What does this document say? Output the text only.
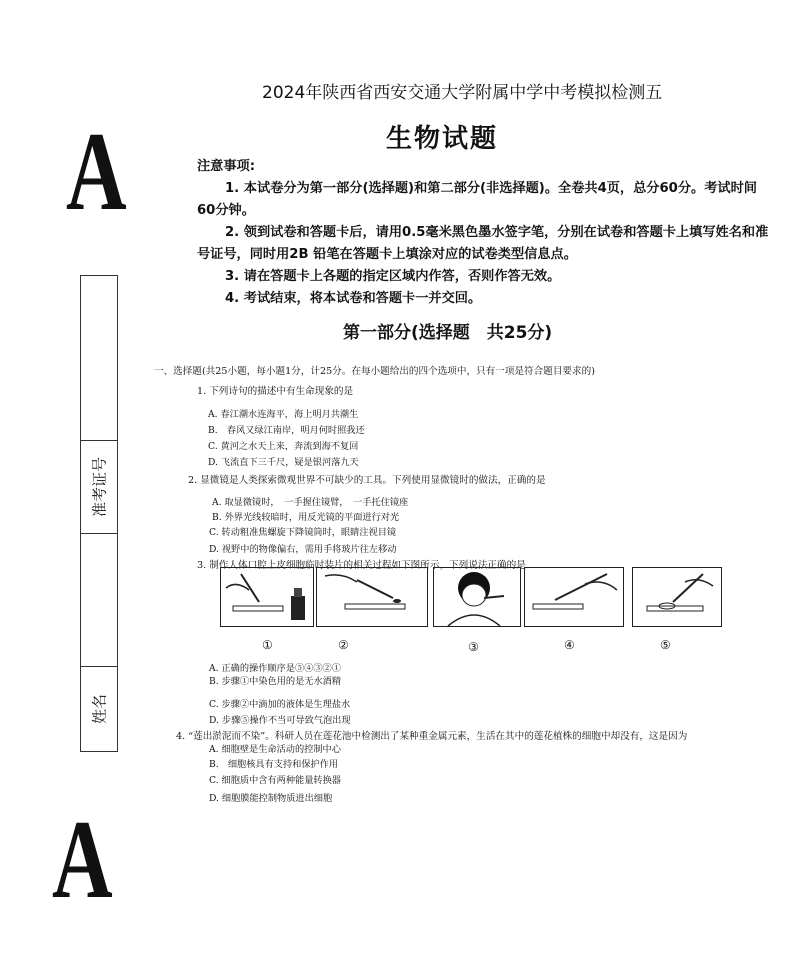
A
A
2024年陕西省西安交通大学附属中学中考模拟检测五
生物试题
注意事项:
1. 本试卷分为第一部分(选择题)和第二部分(非选择题)。全卷共4页，总分60分。考试时间60分钟。
2. 领到试卷和答题卡后，请用0.5毫米黑色墨水签字笔，分别在试卷和答题卡上填写姓名和准号证号，同时用2B 铅笔在答题卡上填涂对应的试卷类型信息点。
3. 请在答题卡上各题的指定区域内作答，否则作答无效。
4. 考试结束，将本试卷和答题卡一并交回。
准考证号
姓名
第一部分(选择题　共25分)
一、选择题(共25小题，每小题1分，计25分。在每小题给出的四个选项中，只有一项是符合题目要求的)
1. 下列诗句的描述中有生命现象的是
A. 春江潮水连海平，海上明月共潮生
B.　春风又绿江南岸，明月何时照我还
C. 黄河之水天上来，奔流到海不复回
D. 飞流直下三千尺，疑是银河落九天
2. 显微镜是人类探索微观世界不可缺少的工具。下列使用显微镜时的做法，正确的是
A. 取显微镜时，　一手握住镜臂，　一手托住镜座
B. 外界光线较暗时，用反光镜的平面进行对光
C. 转动粗准焦螺旋下降镜筒时，眼睛注视目镜
D. 视野中的物像偏右，需用手将玻片往左移动
3. 制作人体口腔上皮细胞临时装片的相关过程如下图所示，下列说法正确的是
①	②	③	④	⑤
A. 正确的操作顺序是⑤④③②①
B. 步骤①中染色用的是无水酒精
C. 步骤②中滴加的液体是生理盐水
D. 步骤⑤操作不当可导致气泡出现
4. “莲出淤泥而不染”。科研人员在莲花池中检测出了某种重金属元素，生活在其中的莲花植株的细胞中却没有，这是因为
A. 细胞壁是生命活动的控制中心
B.　细胞核具有支持和保护作用
C. 细胞质中含有两种能量转换器
D. 细胞膜能控制物质进出细胞
